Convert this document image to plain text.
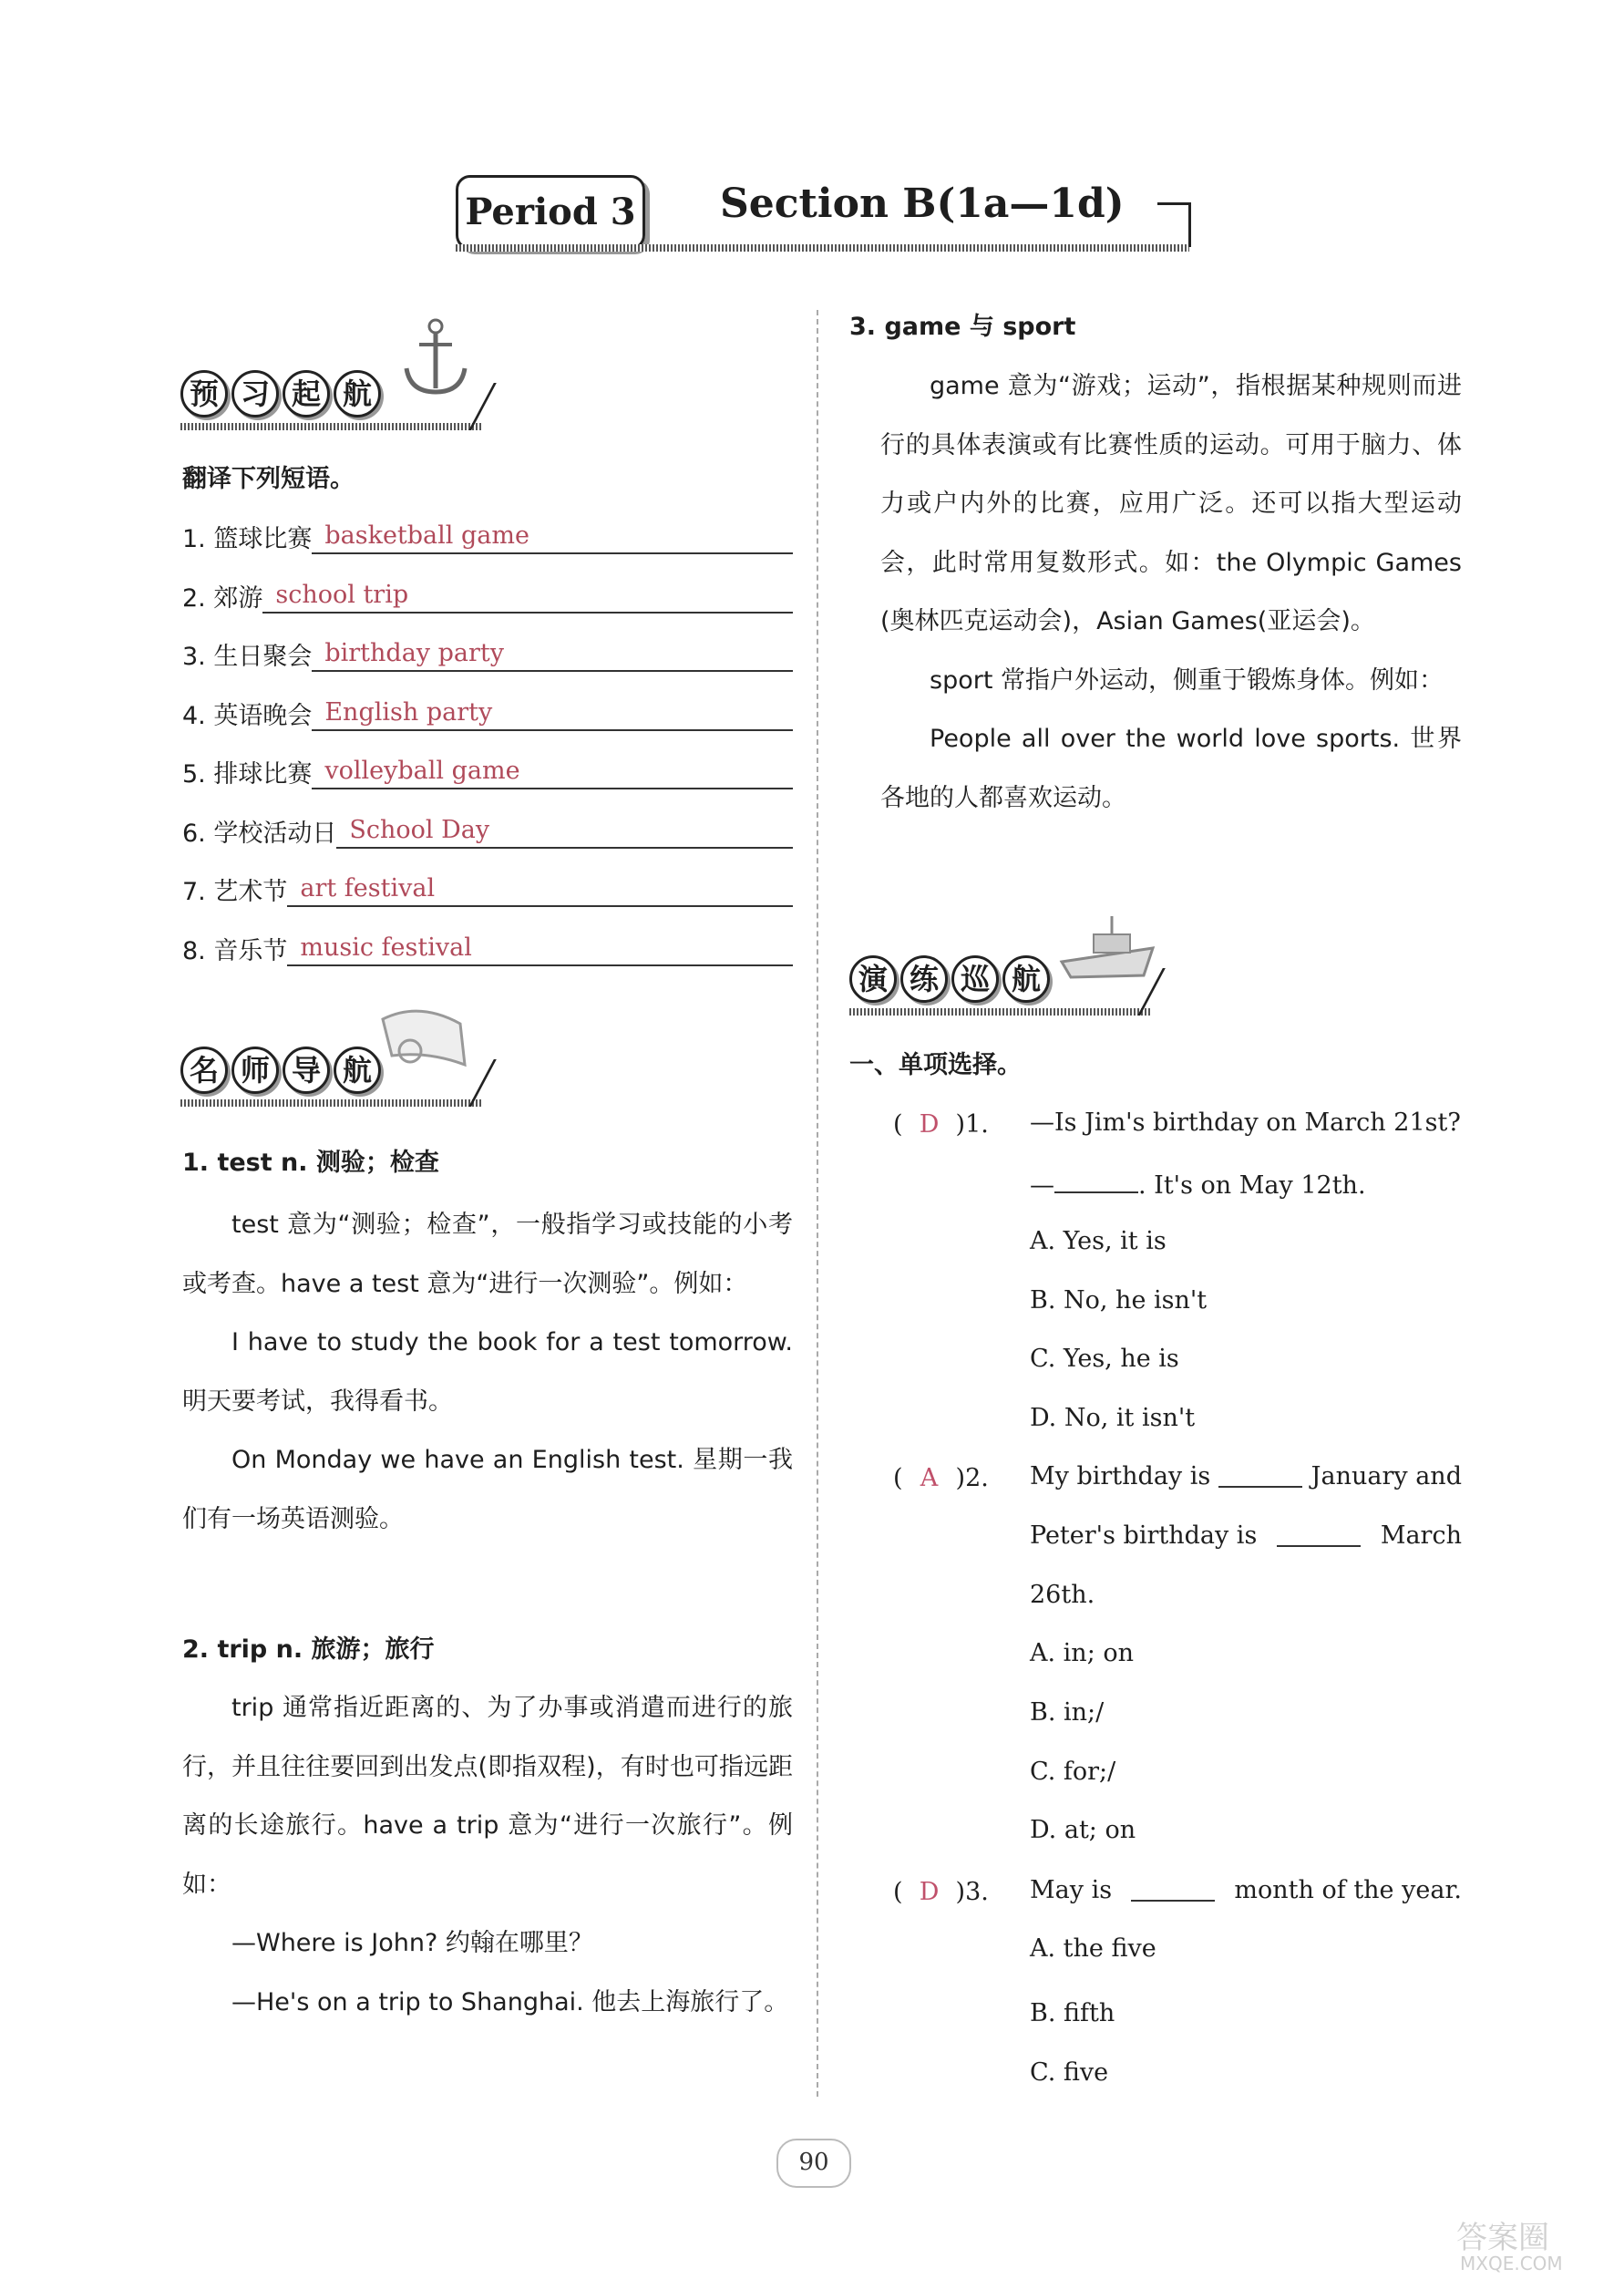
Period 3 Section B(1a—1d)
预 习 起 航
翻译下列短语。
1. 篮球比赛 basketball game
2. 郊游 school trip
3. 生日聚会 birthday party
4. 英语晚会 English party
5. 排球比赛 volleyball game
6. 学校活动日 School Day
7. 艺术节 art festival
8. 音乐节 music festival
名 师 导 航
1. test n. 测验；检查

test 意为“测验；检查”，一般指学习或技能的小考或考查。have a test 意为“进行一次测验”。例如：

I have to study the book for a test tomorrow. 明天要考试，我得看书。

On Monday we have an English test. 星期一我们有一场英语测验。

2. trip n. 旅游；旅行

trip 通常指近距离的、为了办事或消遣而进行的旅行，并且往往要回到出发点(即指双程)，有时也可指远距离的长途旅行。have a trip 意为“进行一次旅行”。例如：

—Where is John? 约翰在哪里？

—He's on a trip to Shanghai. 他去上海旅行了。

3. game 与 sport

game 意为“游戏；运动”，指根据某种规则而进行的具体表演或有比赛性质的运动。可用于脑力、体力或户内外的比赛，应用广泛。还可以指大型运动会，此时常用复数形式。如：the Olympic Games (奥林匹克运动会)，Asian Games(亚运会)。

sport 常指户外运动，侧重于锻炼身体。例如：

People all over the world love sports. 世界各地的人都喜欢运动。

演 练 巡 航
一、单项选择。
( D )1. —Is Jim's birthday on March 21st?
—	. It's on May 12th.
A. Yes, it is
B. No, he isn't
C. Yes, he is
D. No, it isn't
( A )2. My birthday is	January and
Peter's birthday is	March
26th.
A. in; on
B. in;/
C. for;/
D. at; on
( D )3. May is	month of the year.
A. the five
B. fifth
C. five
90
答案圈
MXQE.COM
